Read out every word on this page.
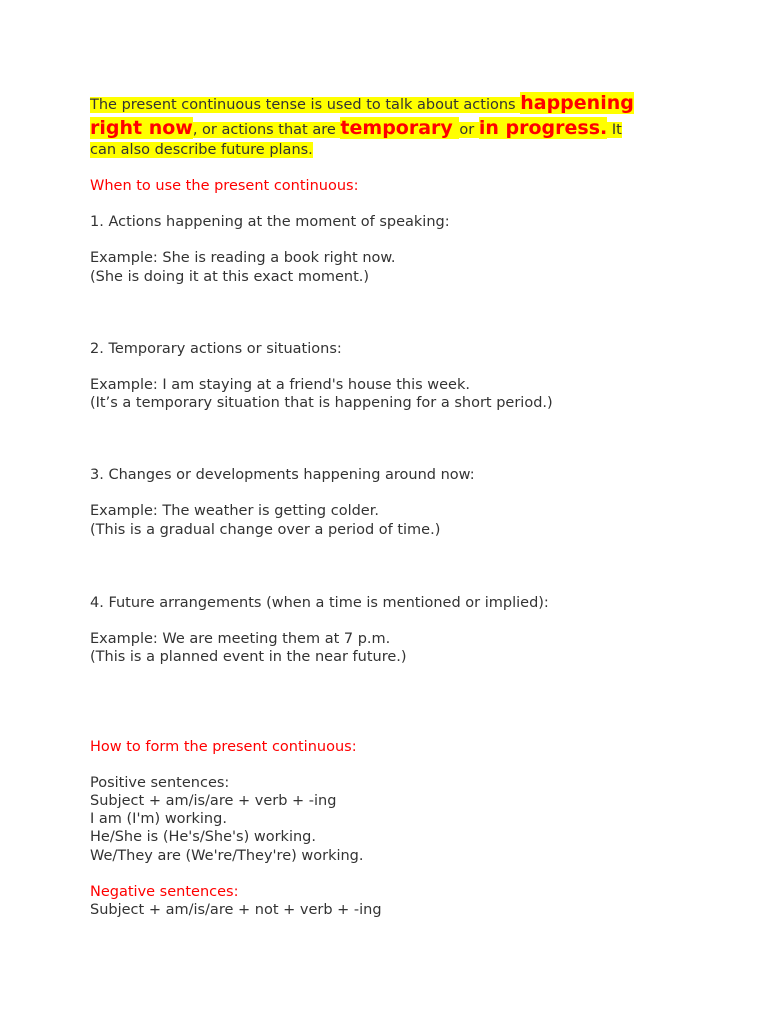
The present continuous tense is used to talk about actions happening
right now, or actions that are temporary or in progress. It
can also describe future plans.
When to use the present continuous:
1. Actions happening at the moment of speaking:
Example: She is reading a book right now.
(She is doing it at this exact moment.)
2. Temporary actions or situations:
Example: I am staying at a friend's house this week.
(It’s a temporary situation that is happening for a short period.)
3. Changes or developments happening around now:
Example: The weather is getting colder.
(This is a gradual change over a period of time.)
4. Future arrangements (when a time is mentioned or implied):
Example: We are meeting them at 7 p.m.
(This is a planned event in the near future.)
How to form the present continuous:
Positive sentences:
Subject + am/is/are + verb + -ing
I am (I'm) working.
He/She is (He's/She's) working.
We/They are (We're/They're) working.
Negative sentences:
Subject + am/is/are + not + verb + -ing
